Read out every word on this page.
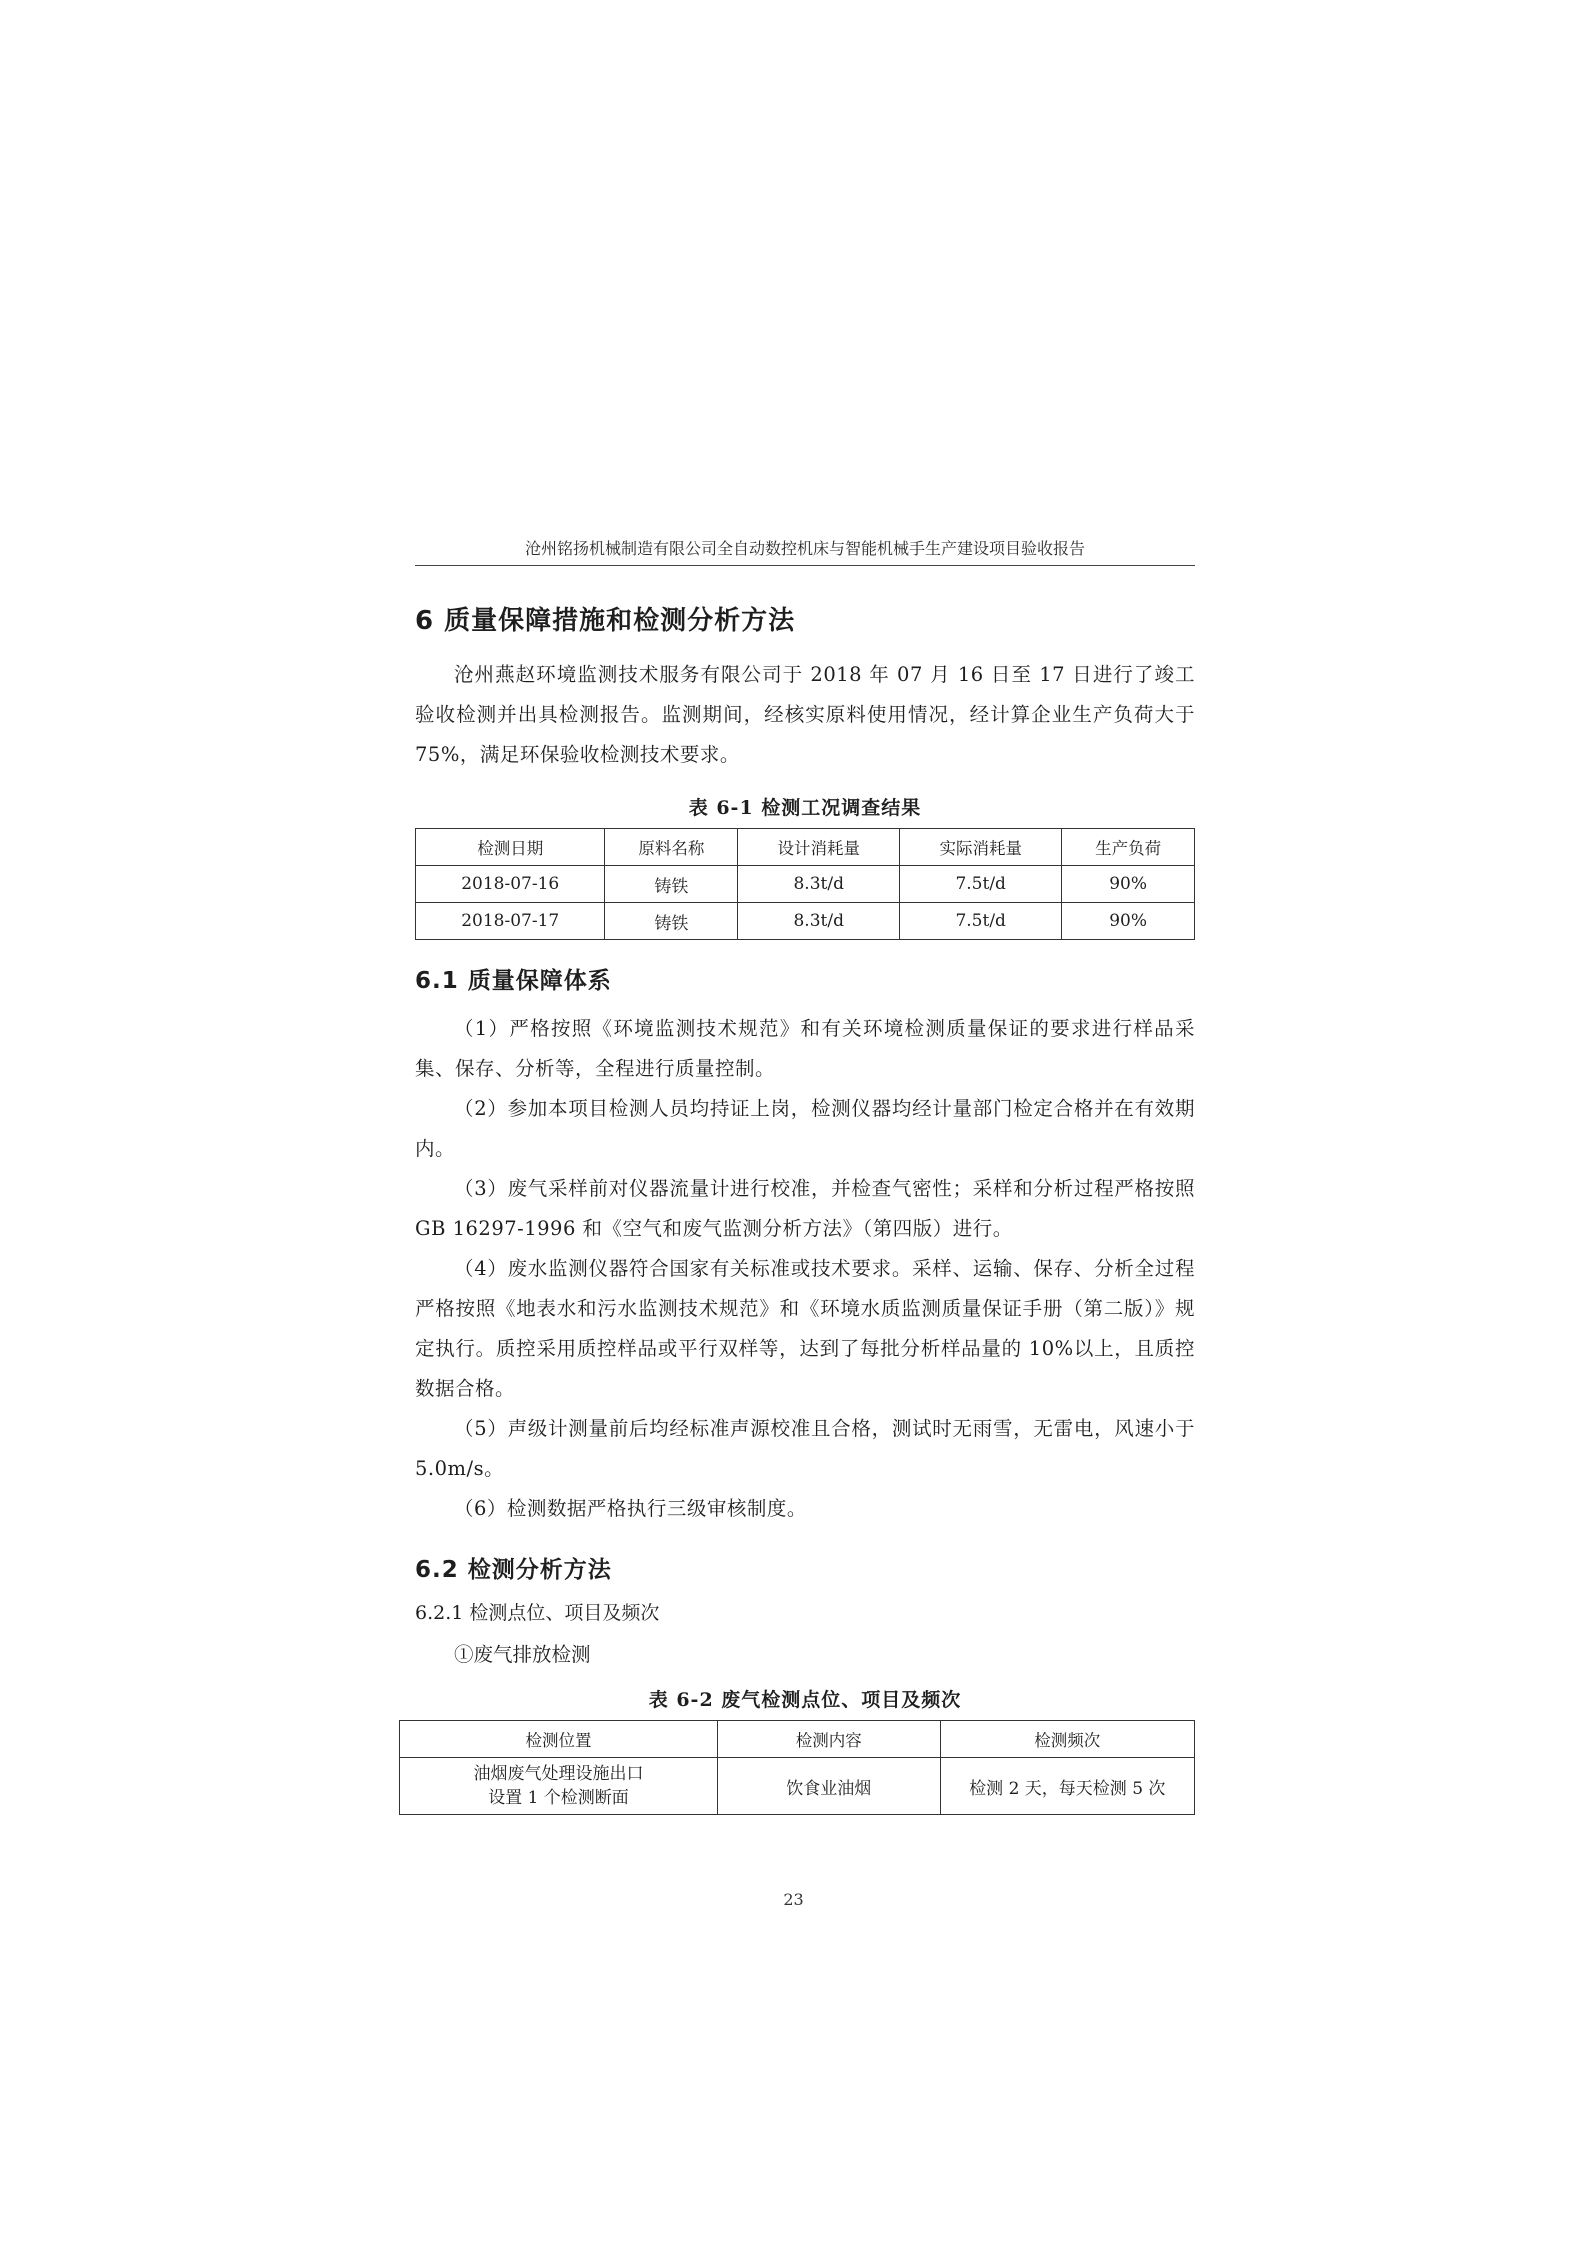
沧州铭扬机械制造有限公司全自动数控机床与智能机械手生产建设项目验收报告
6 质量保障措施和检测分析方法

沧州燕赵环境监测技术服务有限公司于 2018 年 07 月 16 日至 17 日进行了竣工验收检测并出具检测报告。监测期间，经核实原料使用情况，经计算企业生产负荷大于 75%，满足环保验收检测技术要求。

表 6-1 检测工况调查结果
检测日期	原料名称	设计消耗量	实际消耗量	生产负荷
2018-07-16	铸铁	8.3t/d	7.5t/d	90%
2018-07-17	铸铁	8.3t/d	7.5t/d	90%
6.1 质量保障体系

（1）严格按照《环境监测技术规范》和有关环境检测质量保证的要求进行样品采集、保存、分析等，全程进行质量控制。

（2）参加本项目检测人员均持证上岗，检测仪器均经计量部门检定合格并在有效期内。

（3）废气采样前对仪器流量计进行校准，并检查气密性；采样和分析过程严格按照 GB 16297-1996 和《空气和废气监测分析方法》（第四版）进行。

（4）废水监测仪器符合国家有关标准或技术要求。采样、运输、保存、分析全过程严格按照《地表水和污水监测技术规范》和《环境水质监测质量保证手册（第二版）》规定执行。质控采用质控样品或平行双样等，达到了每批分析样品量的 10%以上，且质控数据合格。

（5）声级计测量前后均经标准声源校准且合格，测试时无雨雪，无雷电，风速小于 5.0m/s。

（6）检测数据严格执行三级审核制度。

6.2 检测分析方法
6.2.1 检测点位、项目及频次
①废气排放检测
表 6-2 废气检测点位、项目及频次
检测位置	检测内容	检测频次

油烟废气处理设施出口
设置 1 个检测断面	饮食业油烟	检测 2 天，每天检测 5 次
23
